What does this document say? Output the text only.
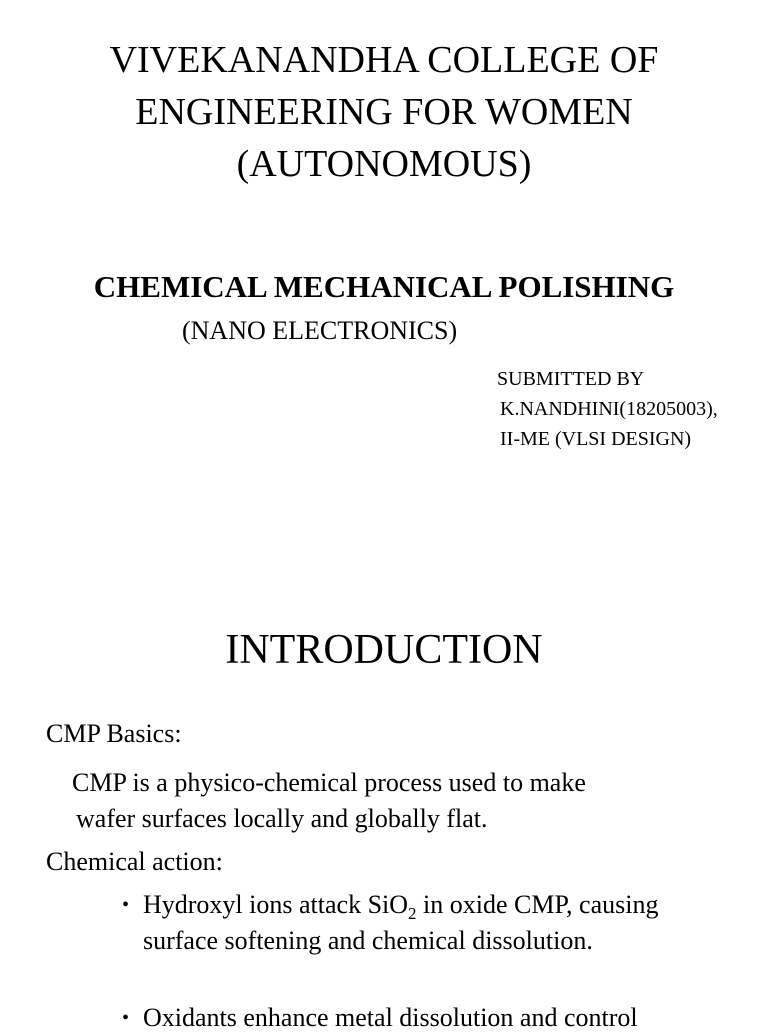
VIVEKANANDHA COLLEGE OF
ENGINEERING FOR WOMEN
(AUTONOMOUS)
CHEMICAL MECHANICAL POLISHING
(NANO ELECTRONICS)
SUBMITTED BY
K.NANDHINI(18205003),
II-ME (VLSI DESIGN)
INTRODUCTION
CMP Basics:
CMP is a physico-chemical process used to make
wafer surfaces locally and globally flat.
Chemical action:
• Hydroxyl ions attack SiO$_2$ in oxide CMP, causing surface softening and chemical dissolution.
• Oxidants enhance metal dissolution and control
